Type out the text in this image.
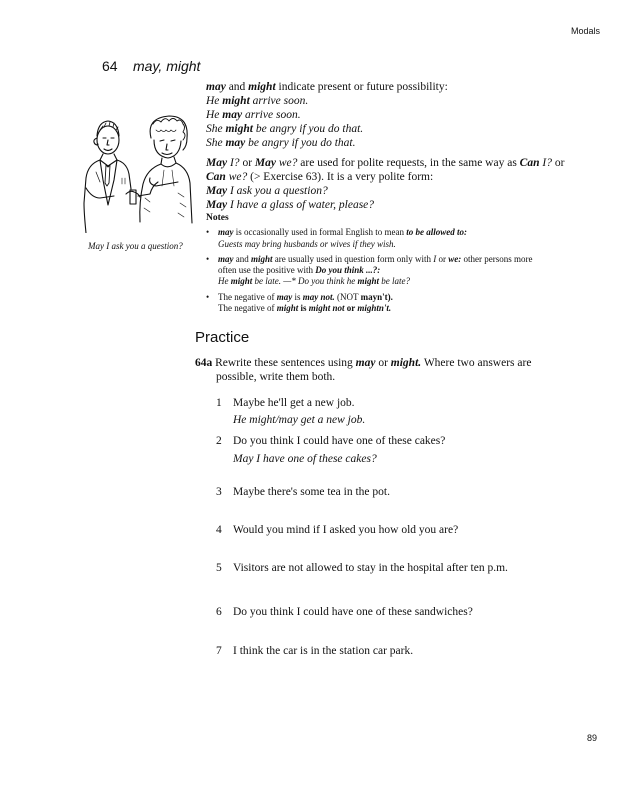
Modals
64 may, might
May I ask you a question?
may and might indicate present or future possibility:
He might arrive soon.
He may arrive soon.
She might be angry if you do that.
She may be angry if you do that.
May I? or May we? are used for polite requests, in the same way as Can I? or
Can we? (> Exercise 63). It is a very polite form:
May I ask you a question?
May I have a glass of water, please?
Notes
• may is occasionally used in formal English to mean to be allowed to:
Guests may bring husbands or wives if they wish.
• may and might are usually used in question form only with I or we: other persons more
often use the positive with Do you think ...?:
He might be late. —* Do you think he might be late?
• The negative of may is may not. (NOT mayn't).
The negative of might is might not or mightn't.
Practice
64a Rewrite these sentences using may or might. Where two answers are
possible, write them both.
1 Maybe he'll get a new job.
He might/may get a new job.
2 Do you think I could have one of these cakes?
May I have one of these cakes?
3 Maybe there's some tea in the pot.
4 Would you mind if I asked you how old you are?
5 Visitors are not allowed to stay in the hospital after ten p.m.
6 Do you think I could have one of these sandwiches?
7 I think the car is in the station car park.
89
